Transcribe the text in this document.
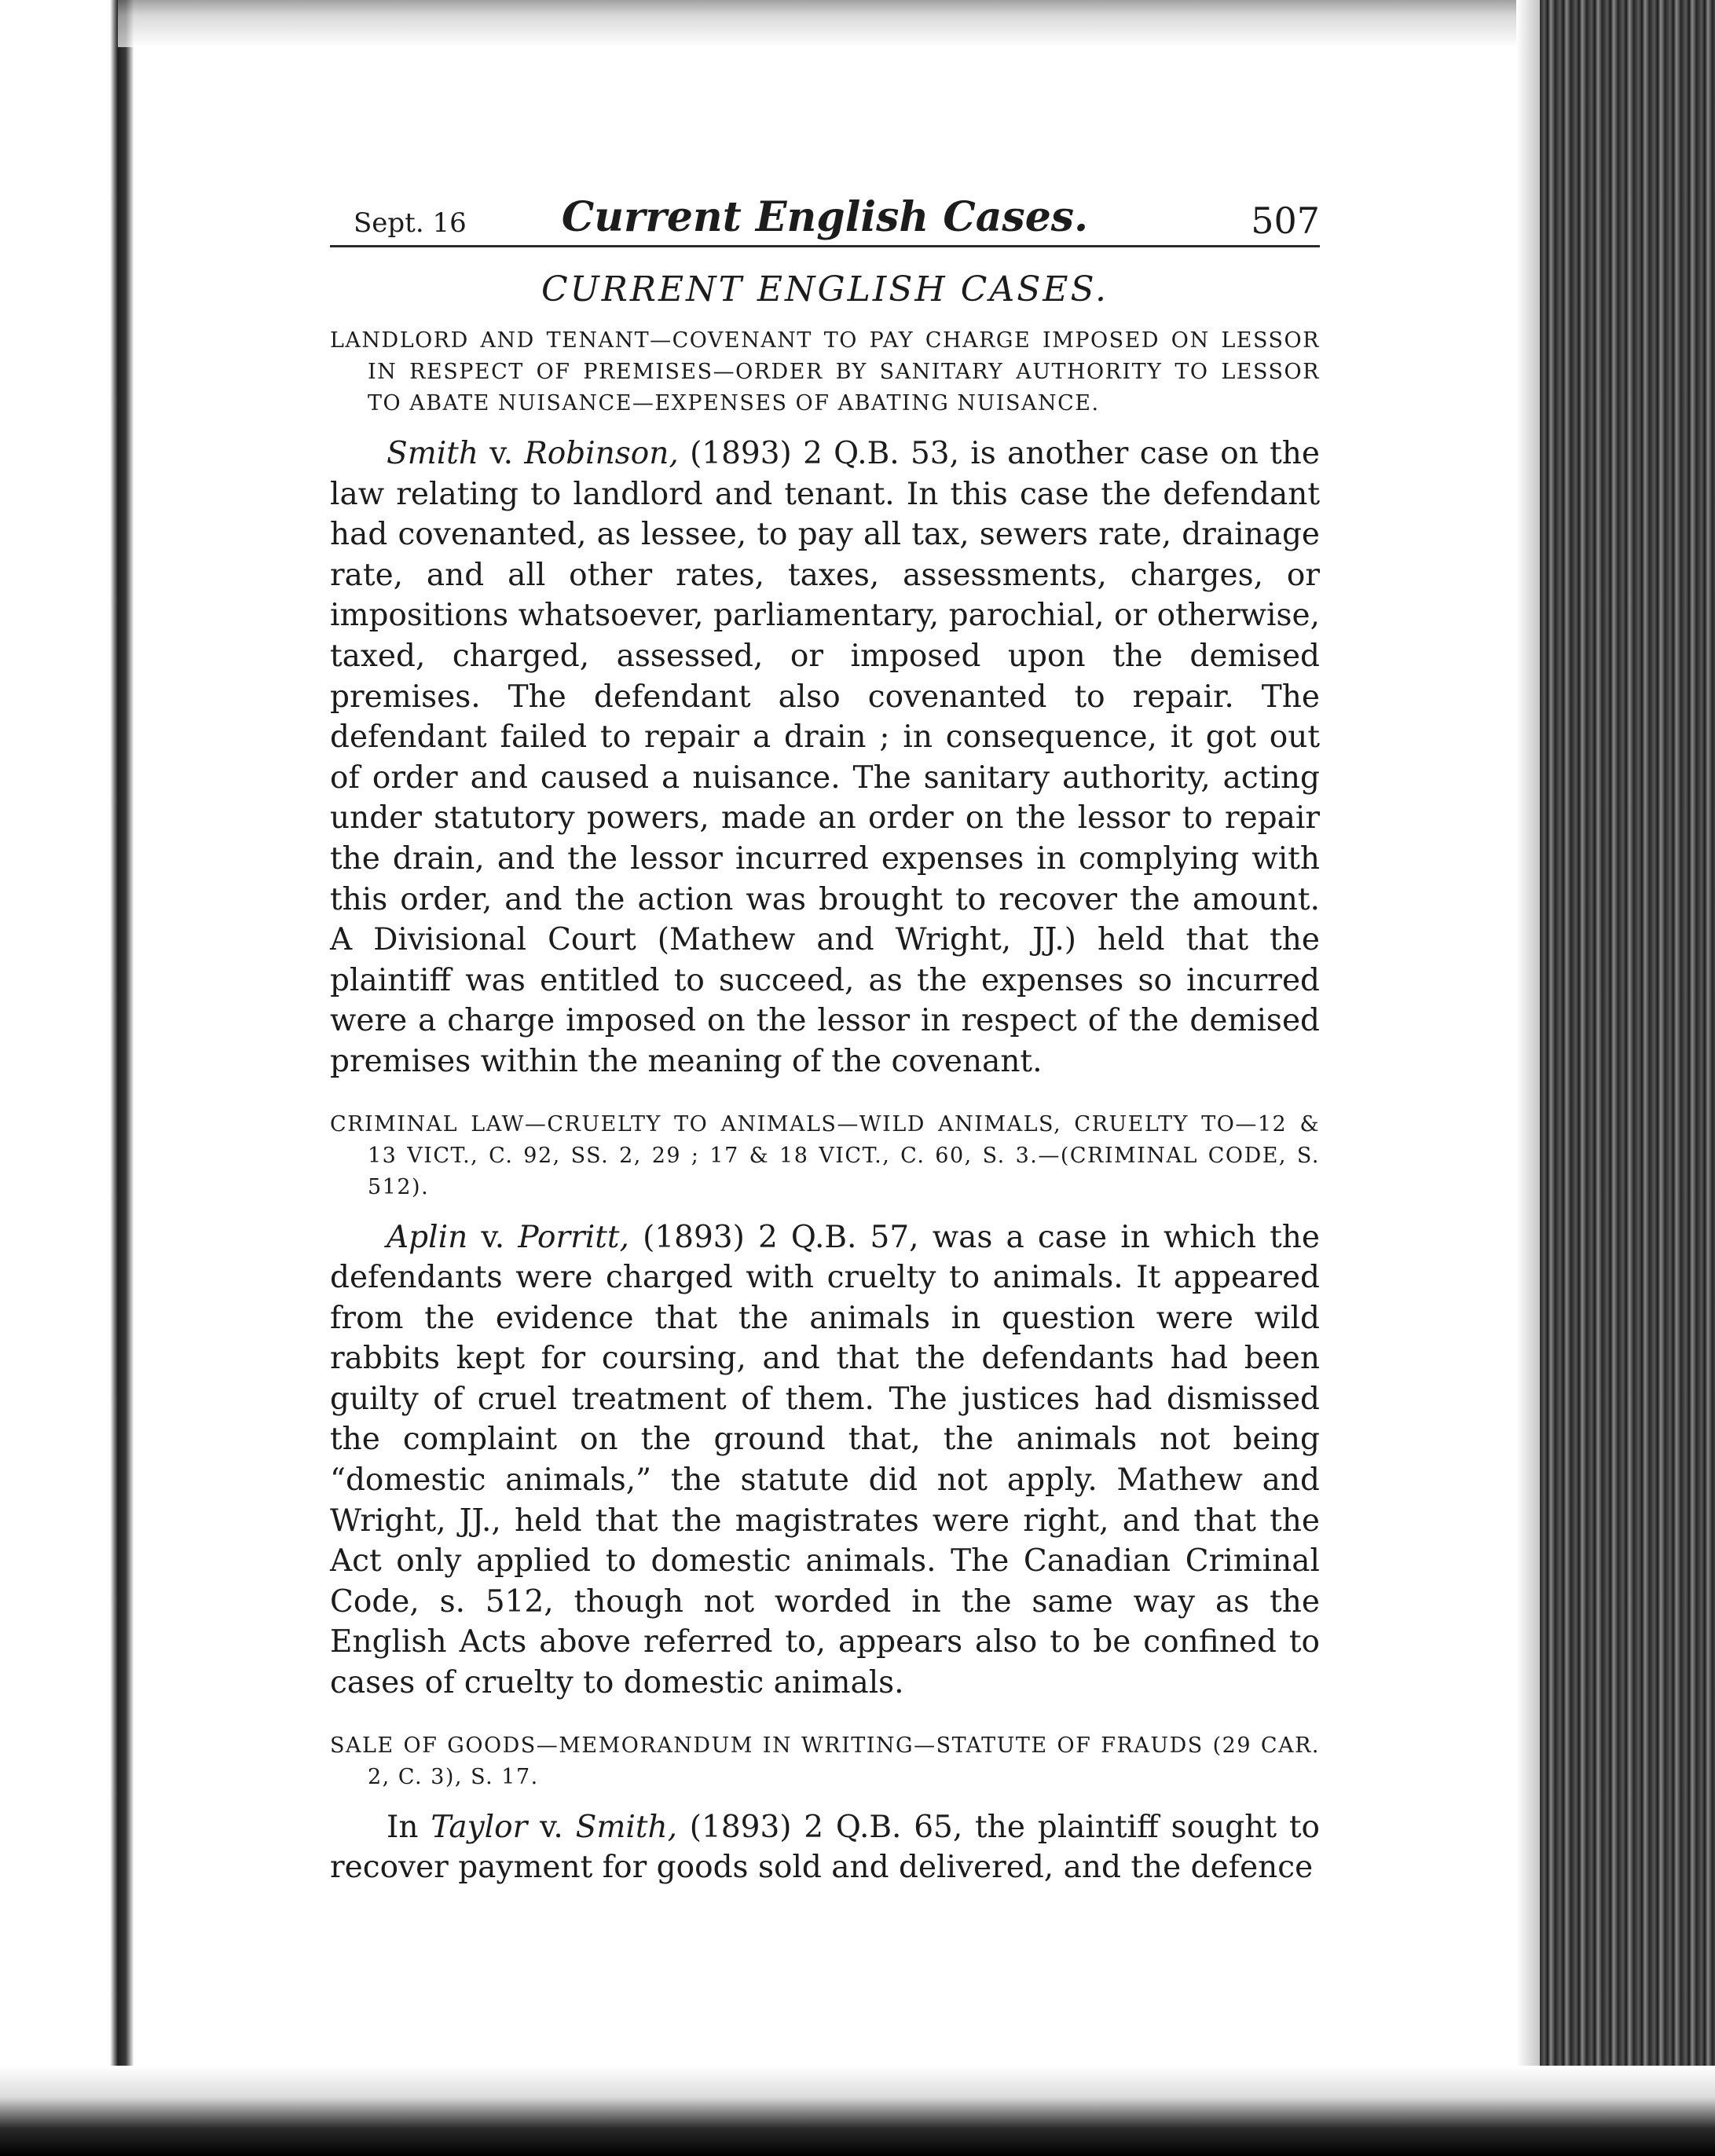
Sept. 16	Current English Cases.	507
CURRENT ENGLISH CASES.

LANDLORD AND TENANT—COVENANT TO PAY CHARGE IMPOSED ON LESSOR IN RESPECT OF PREMISES—ORDER BY SANITARY AUTHORITY TO LESSOR TO ABATE NUISANCE—EXPENSES OF ABATING NUISANCE.

Smith v. Robinson, (1893) 2 Q.B. 53, is another case on the law relating to landlord and tenant. In this case the defendant had covenanted, as lessee, to pay all tax, sewers rate, drainage rate, and all other rates, taxes, assessments, charges, or impositions whatsoever, parliamentary, parochial, or otherwise, taxed, charged, assessed, or imposed upon the demised premises. The defendant also covenanted to repair. The defendant failed to repair a drain ; in consequence, it got out of order and caused a nuisance. The sanitary authority, acting under statutory powers, made an order on the lessor to repair the drain, and the lessor incurred expenses in complying with this order, and the action was brought to recover the amount. A Divisional Court (Mathew and Wright, JJ.) held that the plaintiff was entitled to succeed, as the expenses so incurred were a charge imposed on the lessor in respect of the demised premises within the meaning of the covenant.

CRIMINAL LAW—CRUELTY TO ANIMALS—WILD ANIMALS, CRUELTY TO—12 & 13 VICT., C. 92, SS. 2, 29 ; 17 & 18 VICT., C. 60, S. 3.—(CRIMINAL CODE, S. 512).

Aplin v. Porritt, (1893) 2 Q.B. 57, was a case in which the defendants were charged with cruelty to animals. It appeared from the evidence that the animals in question were wild rabbits kept for coursing, and that the defendants had been guilty of cruel treatment of them. The justices had dismissed the complaint on the ground that, the animals not being “domestic animals,” the statute did not apply. Mathew and Wright, JJ., held that the magistrates were right, and that the Act only applied to domestic animals. The Canadian Criminal Code, s. 512, though not worded in the same way as the English Acts above referred to, appears also to be confined to cases of cruelty to domestic animals.

SALE OF GOODS—MEMORANDUM IN WRITING—STATUTE OF FRAUDS (29 CAR. 2, C. 3), S. 17.

In Taylor v. Smith, (1893) 2 Q.B. 65, the plaintiff sought to recover payment for goods sold and delivered, and the defence
